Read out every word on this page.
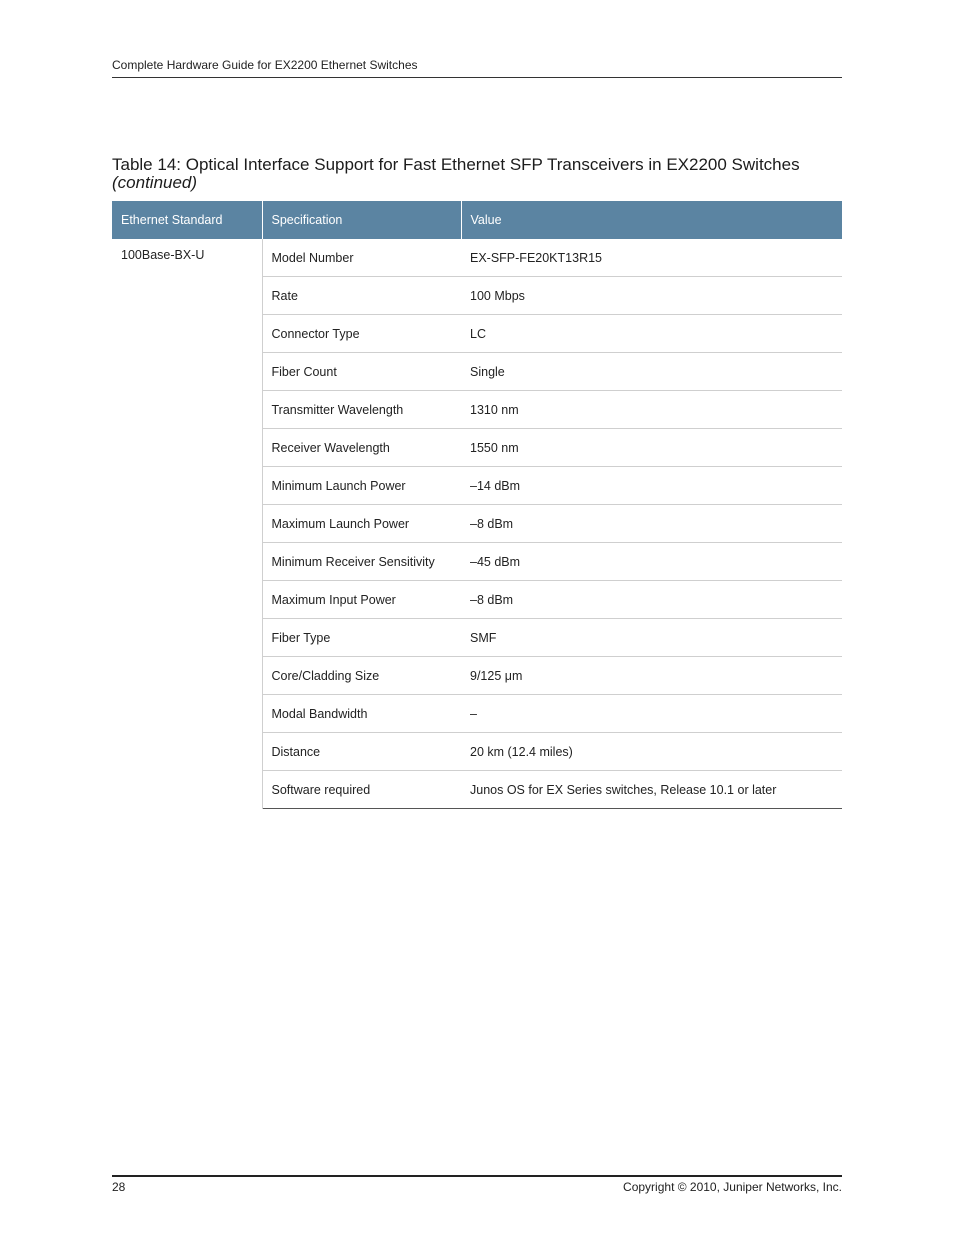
Complete Hardware Guide for EX2200 Ethernet Switches
Table 14: Optical Interface Support for Fast Ethernet SFP Transceivers in EX2200 Switches (continued)
Ethernet Standard	Specification	Value
100Base-BX-U	Model Number	EX-SFP-FE20KT13R15
	Rate	100 Mbps
	Connector Type	LC
	Fiber Count	Single
	Transmitter Wavelength	1310 nm
	Receiver Wavelength	1550 nm
	Minimum Launch Power	–14 dBm
	Maximum Launch Power	–8 dBm
	Minimum Receiver Sensitivity	–45 dBm
	Maximum Input Power	–8 dBm
	Fiber Type	SMF
	Core/Cladding Size	9/125 μm
	Modal Bandwidth	–
	Distance	20 km (12.4 miles)
	Software required	Junos OS for EX Series switches, Release 10.1 or later
28	Copyright © 2010, Juniper Networks, Inc.
